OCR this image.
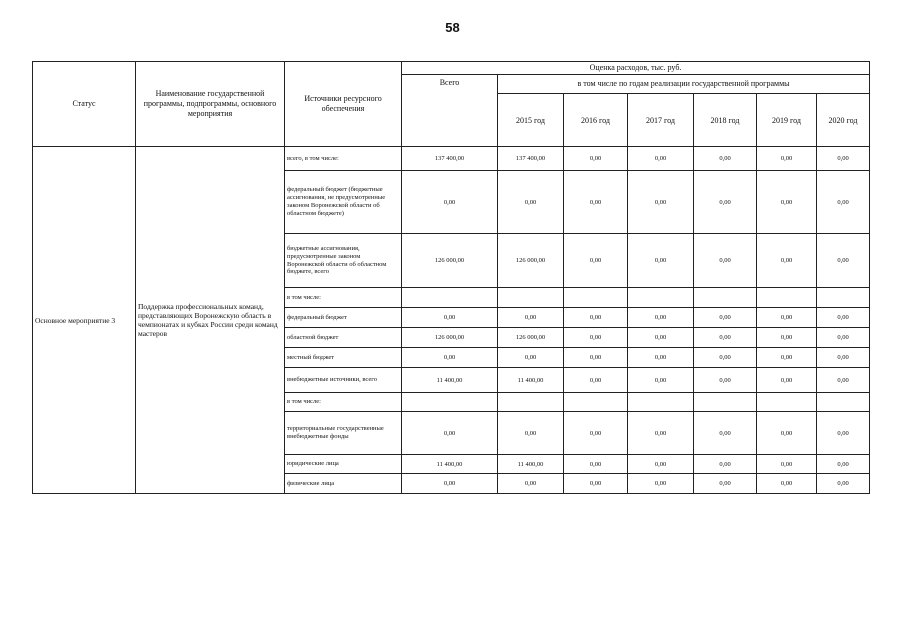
58
Статус	Наименование государственной программы, подпрограммы, основного мероприятия	Источники ресурсного обеспечения	Оценка расходов, тыс. руб.						
			Всего	в том числе по годам реализации государственной программы					
				2015 год	2016 год	2017 год	2018 год	2019 год	2020 год
Основное мероприятие 3	Поддержка профессиональных команд, представляющих Воронежскую область в чемпионатах и кубках России среди команд мастеров	всего, в том числе:	137 400,00	137 400,00	0,00	0,00	0,00	0,00	0,00
		федеральный бюджет (бюджетные ассигнования, не предусмотренные законом Воронежской области об областном бюджете)	0,00	0,00	0,00	0,00	0,00	0,00	0,00
		бюджетные ассигнования, предусмотренные законом Воронежской области об областном бюджете, всего	126 000,00	126 000,00	0,00	0,00	0,00	0,00	0,00
		в том числе:							
		федеральный бюджет	0,00	0,00	0,00	0,00	0,00	0,00	0,00
		областной бюджет	126 000,00	126 000,00	0,00	0,00	0,00	0,00	0,00
		местный бюджет	0,00	0,00	0,00	0,00	0,00	0,00	0,00
		внебюджетные источники, всего	11 400,00	11 400,00	0,00	0,00	0,00	0,00	0,00
		в том числе:							
		территориальные государственные внебюджетные фонды	0,00	0,00	0,00	0,00	0,00	0,00	0,00
		юридические лица	11 400,00	11 400,00	0,00	0,00	0,00	0,00	0,00
		физические лица	0,00	0,00	0,00	0,00	0,00	0,00	0,00
